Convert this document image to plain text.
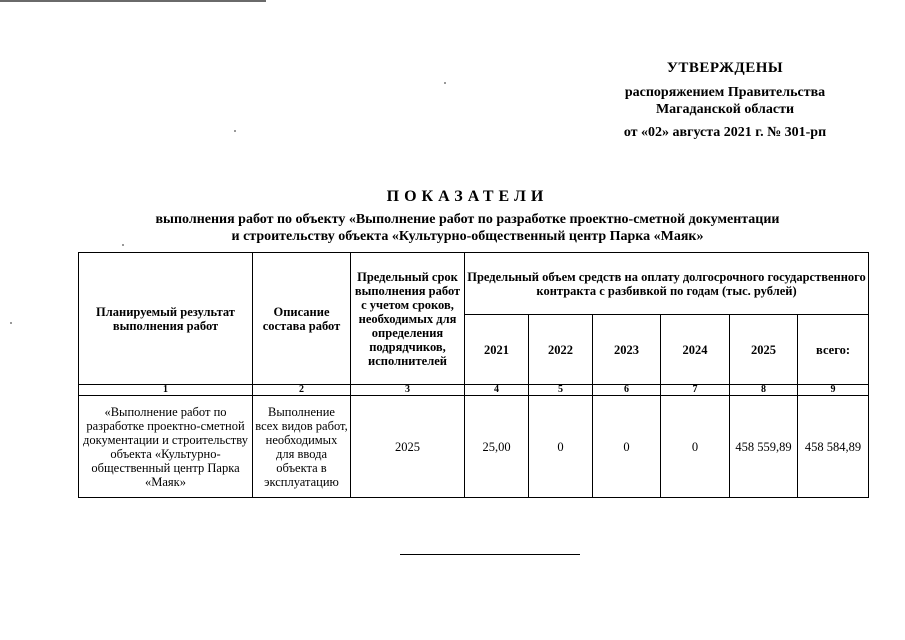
УТВЕРЖДЕНЫ
распоряжением Правительства
Магаданской области
от «02» августа 2021 г. № 301-рп
ПОКАЗАТЕЛИ
выполнения работ по объекту «Выполнение работ по разработке проектно-сметной документации
и строительству объекта «Культурно-общественный центр Парка «Маяк»
Планируемый результат выполнения работ	Описание состава работ	Предельный срок выполнения работ с учетом сроков, необходимых для определения подрядчиков, исполнителей	Предельный объем средств на оплату долгосрочного государственного контракта с разбивкой по годам (тыс. рублей)					
			2021	2022	2023	2024	2025	всего:
1	2	3	4	5	6	7	8	9
«Выполнение работ по разработке проектно-сметной документации и строительству объекта «Культурно-общественный центр Парка «Маяк»	Выполнение всех видов работ, необходимых для ввода объекта в эксплуатацию	2025	25,00	0	0	0	458 559,89	458 584,89
